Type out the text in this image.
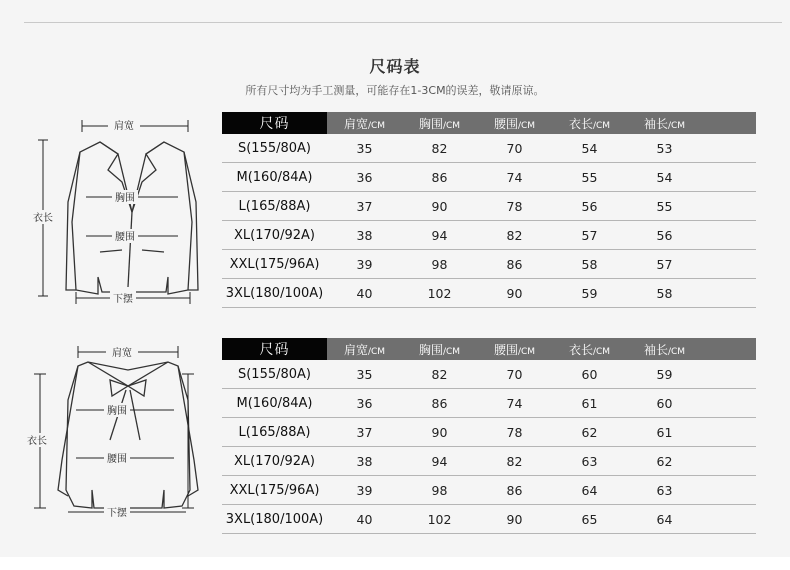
尺码表
所有尺寸均为手工测量，可能存在1-3CM的误差，敬请原谅。
肩宽
衣长
胸围
腰围
下摆
肩宽
衣长
胸围
腰围
下摆
尺码	肩宽/CM	胸围/CM	腰围/CM	衣长/CM	袖长/CM	
S(155/80A)	35	82	70	54	53	
M(160/84A)	36	86	74	55	54	
L(165/88A)	37	90	78	56	55	
XL(170/92A)	38	94	82	57	56	
XXL(175/96A)	39	98	86	58	57	
3XL(180/100A)	40	102	90	59	58	
尺码	肩宽/CM	胸围/CM	腰围/CM	衣长/CM	袖长/CM	
S(155/80A)	35	82	70	60	59	
M(160/84A)	36	86	74	61	60	
L(165/88A)	37	90	78	62	61	
XL(170/92A)	38	94	82	63	62	
XXL(175/96A)	39	98	86	64	63	
3XL(180/100A)	40	102	90	65	64	
